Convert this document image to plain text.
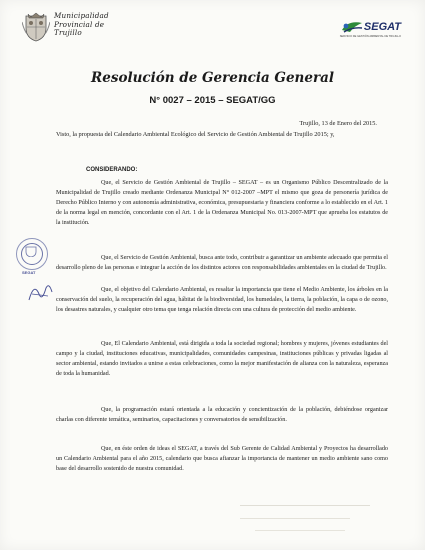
Municipalidad
Provincial de
Trujillo	SEGAT
SERVICIO DE GESTIÓN AMBIENTAL DE TRUJILLO
Resolución de Gerencia General
N° 0027 – 2015 – SEGAT/GG
Trujillo, 13 de Enero del 2015.
Visto, la propuesta del Calendario Ambiental Ecológico del Servicio de Gestión Ambiental de Trujillo 2015; y,
CONSIDERANDO:

Que, el Servicio de Gestión Ambiental de Trujillo – SEGAT – es un Organismo Público Descentralizado de la Municipalidad de Trujillo creado mediante Ordenanza Municipal N° 012-2007 –MPT el mismo que goza de personería jurídica de Derecho Público Interno y con autonomía administrativa, económica, presupuestaria y financiera conforme a lo establecido en el Art. 1 de la norma legal en mención, concordante con el Art. 1 de la Ordenanza Municipal No. 013-2007-MPT que aprueba los estatutos de la institución.

Que, el Servicio de Gestión Ambiental, busca ante todo, contribuir a garantizar un ambiente adecuado que permita el desarrollo pleno de las personas e integrar la acción de los distintos actores con responsabilidades ambientales en la ciudad de Trujillo.

Que, el objetivo del Calendario Ambiental, es resaltar la importancia que tiene el Medio Ambiente, los árboles en la conservación del suelo, la recuperación del agua, hábitat de la biodiversidad, los humedales, la tierra, la población, la capa o de ozono, los desastres naturales, y cualquier otro tema que tenga relación directa con una cultura de protección del medio ambiente.

Que, El Calendario Ambiental, está dirigida a toda la sociedad regional; hombres y mujeres, jóvenes estudiantes del campo y la ciudad, instituciones educativas, municipalidades, comunidades campesinas, instituciones públicas y privadas ligadas al sector ambiental, estando invitados a unirse a estas celebraciones, como la mejor manifestación de alianza con la naturaleza, esperanza de toda la humanidad.

Que, la programación estará orientada a la educación y concientización de la población, debiéndose organizar charlas con diferente temática, seminarios, capacitaciones y conversatorios de sensibilización.

Que, en éste orden de ideas el SEGAT, a través del Sub Gerente de Calidad Ambiental y Proyectos ha desarrollado un Calendario Ambiental para el año 2015, calendario que busca afianzar la importancia de mantener un medio ambiente sano como base del desarrollo sostenido de nuestra comunidad.

SEGAT
